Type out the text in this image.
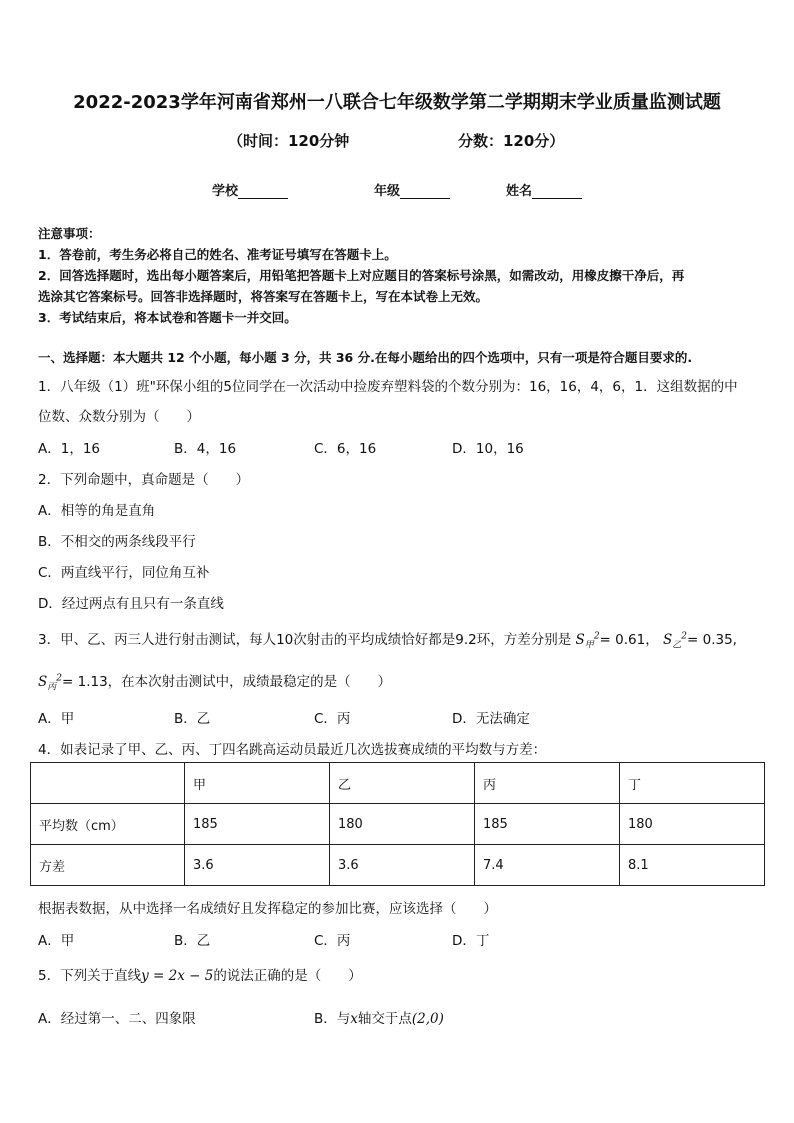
2022-2023学年河南省郑州一八联合七年级数学第二学期期末学业质量监测试题
（时间：120分钟	分数：120分）
学校	年级	姓名
注意事项：
1．答卷前，考生务必将自己的姓名、准考证号填写在答题卡上。
2．回答选择题时，选出每小题答案后，用铅笔把答题卡上对应题目的答案标号涂黑，如需改动，用橡皮擦干净后，再
选涂其它答案标号。回答非选择题时，将答案写在答题卡上，写在本试卷上无效。
3．考试结束后，将本试卷和答题卡一并交回。
一、选择题：本大题共 12 个小题，每小题 3 分，共 36 分.在每小题给出的四个选项中，只有一项是符合题目要求的.
1．八年级（1）班"环保小组的5位同学在一次活动中捡废弃塑料袋的个数分别为：16，16，4，6，1．这组数据的中
位数、众数分别为（　　）
A．1，16	B．4，16	C．6，16	D．10，16
2．下列命题中，真命题是（　　）
A．相等的角是直角
B．不相交的两条线段平行
C．两直线平行，同位角互补
D．经过两点有且只有一条直线
3．甲、乙、丙三人进行射击测试，每人10次射击的平均成绩恰好都是9.2环，方差分别是 $S_甲^2= 0.61$， $S_乙^2= 0.35$,
$S_丙^2= 1.13$，在本次射击测试中，成绩最稳定的是（　　）
A．甲	B．乙	C．丙	D．无法确定
4．如表记录了甲、乙、丙、丁四名跳高运动员最近几次选拔赛成绩的平均数与方差：
	甲	乙	丙	丁
平均数（cm）	185	180	185	180
方差	3.6	3.6	7.4	8.1
根据表数据，从中选择一名成绩好且发挥稳定的参加比赛，应该选择（　　）
A．甲	B．乙	C．丙	D．丁
5．下列关于直线y = 2x − 5的说法正确的是（　　）
A．经过第一、二、四象限	B．与x轴交于点(2,0)
